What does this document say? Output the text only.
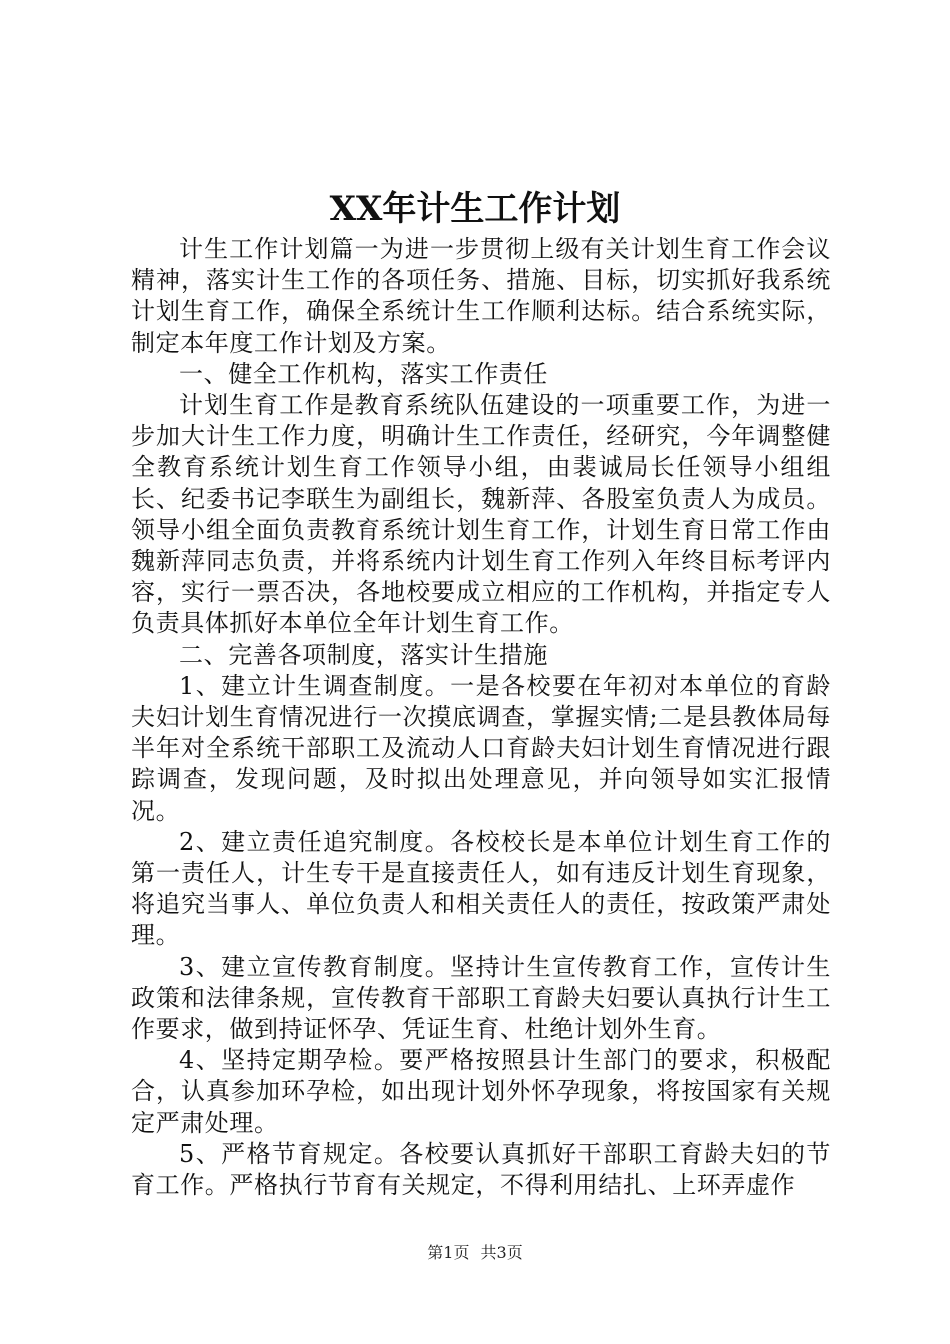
XX年计生工作计划

计生工作计划篇一为进一步贯彻上级有关计划生育工作会议精神，落实计生工作的各项任务、措施、目标，切实抓好我系统计划生育工作，确保全系统计生工作顺利达标。结合系统实际，制定本年度工作计划及方案。

一、健全工作机构，落实工作责任

计划生育工作是教育系统队伍建设的一项重要工作，为进一步加大计生工作力度，明确计生工作责任，经研究，今年调整健全教育系统计划生育工作领导小组，由裴诚局长任领导小组组长、纪委书记李联生为副组长，魏新萍、各股室负责人为成员。领导小组全面负责教育系统计划生育工作，计划生育日常工作由魏新萍同志负责，并将系统内计划生育工作列入年终目标考评内容，实行一票否决，各地校要成立相应的工作机构，并指定专人负责具体抓好本单位全年计划生育工作。

二、完善各项制度，落实计生措施

1、建立计生调查制度。一是各校要在年初对本单位的育龄夫妇计划生育情况进行一次摸底调查，掌握实情;二是县教体局每半年对全系统干部职工及流动人口育龄夫妇计划生育情况进行跟踪调查，发现问题，及时拟出处理意见，并向领导如实汇报情况。

2、建立责任追究制度。各校校长是本单位计划生育工作的第一责任人，计生专干是直接责任人，如有违反计划生育现象，将追究当事人、单位负责人和相关责任人的责任，按政策严肃处理。

3、建立宣传教育制度。坚持计生宣传教育工作，宣传计生政策和法律条规，宣传教育干部职工育龄夫妇要认真执行计生工作要求，做到持证怀孕、凭证生育、杜绝计划外生育。

4、坚持定期孕检。要严格按照县计生部门的要求，积极配合，认真参加环孕检，如出现计划外怀孕现象，将按国家有关规定严肃处理。

5、严格节育规定。各校要认真抓好干部职工育龄夫妇的节育工作。严格执行节育有关规定，不得利用结扎、上环弄虚作

第1页 共3页
